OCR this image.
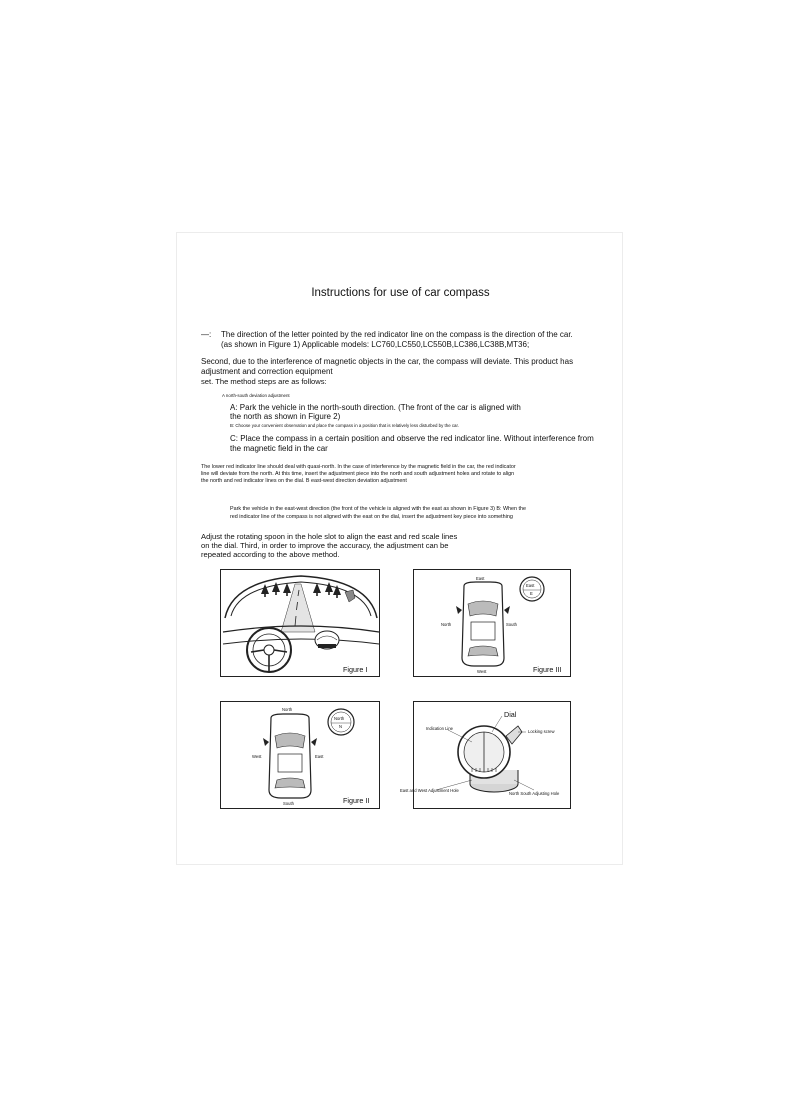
Instructions for use of car compass

—: The direction of the letter pointed by the red indicator line on the compass is the direction of the car.

(as shown in Figure 1) Applicable models: LC760,LC550,LC550B,LC386,LC38B,MT36;

Second, due to the interference of magnetic objects in the car, the compass will deviate. This product has

adjustment and correction equipment

set. The method steps are as follows:

A north-south deviation adjustment

A: Park the vehicle in the north-south direction. (The front of the car is aligned with

the north as shown in Figure 2)

B: Choose your convenient observation and place the compass in a position that is relatively less disturbed by the car.

C: Place the compass in a certain position and observe the red indicator line. Without interference from

the magnetic field in the car

The lower red indicator line should deal with quasi-north. In the case of interference by the magnetic field in the car, the red indicator

line will deviate from the north. At this time, insert the adjustment piece into the north and south adjustment holes and rotate to align

the north and red indicator lines on the dial. B east-west direction deviation adjustment

Park the vehicle in the east-west direction (the front of the vehicle is aligned with the east as shown in Figure 3) B: When the

red indicator line of the compass is not aligned with the east on the dial, insert the adjustment key piece into something

Adjust the rotating spoon in the hole slot to align the east and red scale lines

on the dial. Third, in order to improve the accuracy, the adjustment can be

repeated according to the above method.

Figure I
East
North	South
West
East
E
Figure III
North
West	East
South
North
N
Figure II
Indication Line
Dial
Locking screw
East and West Adjustment Hole
North South Adjusting Hole
